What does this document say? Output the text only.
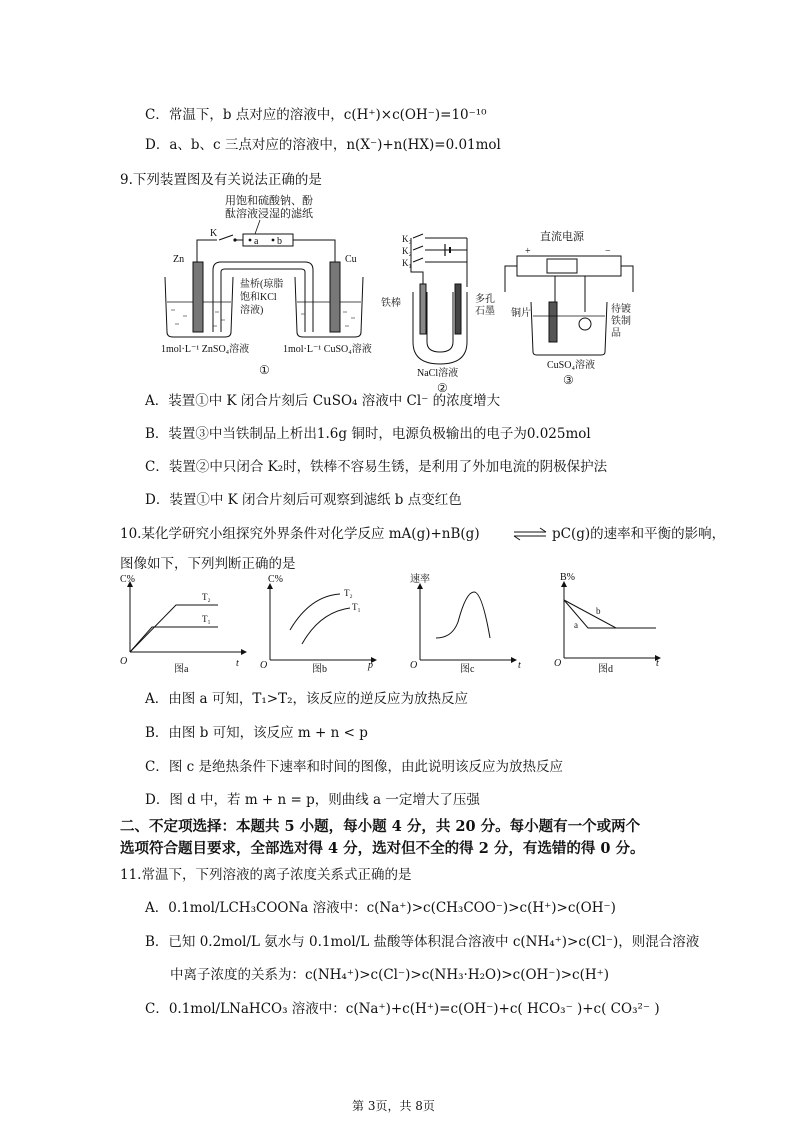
C．常温下，b 点对应的溶液中，c(H⁺)×c(OH⁻)=10⁻¹⁰
D．a、b、c 三点对应的溶液中，n(X⁻)+n(HX)=0.01mol
9.下列装置图及有关说法正确的是
用饱和硫酸钠、酚
酞溶液浸湿的滤纸
K
a b
Zn
盐桥(琼脂
饱和KCl
溶液)
Cu
1mol·L⁻¹ ZnSO₄溶液	1mol·L⁻¹ CuSO₄溶液
①
K₃
K₂
K₁
铁棒	多孔
石墨
NaCl溶液
②
直流电源
+	−
铜片	待镀
铁制
品
CuSO₄溶液
③
A．装置①中 K 闭合片刻后 CuSO₄ 溶液中 Cl⁻ 的浓度增大
B．装置③中当铁制品上析出1.6g 铜时，电源负极输出的电子为0.025mol
C．装置②中只闭合 K₂时，铁棒不容易生锈，是利用了外加电流的阴极保护法
D．装置①中 K 闭合片刻后可观察到滤纸 b 点变红色
10.某化学研究小组探究外界条件对化学反应 mA(g)+nB(g) ⇌ pC(g)的速率和平衡的影响，
图像如下，下列判断正确的是
C%
O	t
T₂
T₁
图a
C%
O	p
T₂
T₁
图b
速率
O	t
图c
B%
O	t
b
a
图d
A．由图 a 可知，T₁>T₂，该反应的逆反应为放热反应
B．由图 b 可知，该反应 m + n < p
C．图 c 是绝热条件下速率和时间的图像，由此说明该反应为放热反应
D．图 d 中，若 m + n = p，则曲线 a 一定增大了压强
二、不定项选择：本题共 5 小题，每小题 4 分，共 20 分。每小题有一个或两个
选项符合题目要求，全部选对得 4 分，选对但不全的得 2 分，有选错的得 0 分。
11.常温下，下列溶液的离子浓度关系式正确的是
A．0.1mol/LCH₃COONa 溶液中：c(Na⁺)>c(CH₃COO⁻)>c(H⁺)>c(OH⁻)
B．已知 0.2mol/L 氨水与 0.1mol/L 盐酸等体积混合溶液中 c(NH₄⁺)>c(Cl⁻)，则混合溶液
中离子浓度的关系为：c(NH₄⁺)>c(Cl⁻)>c(NH₃·H₂O)>c(OH⁻)>c(H⁺)
C．0.1mol/LNaHCO₃ 溶液中：c(Na⁺)+c(H⁺)=c(OH⁻)+c( HCO₃⁻ )+c( CO₃²⁻ )
第 3页，共 8页
